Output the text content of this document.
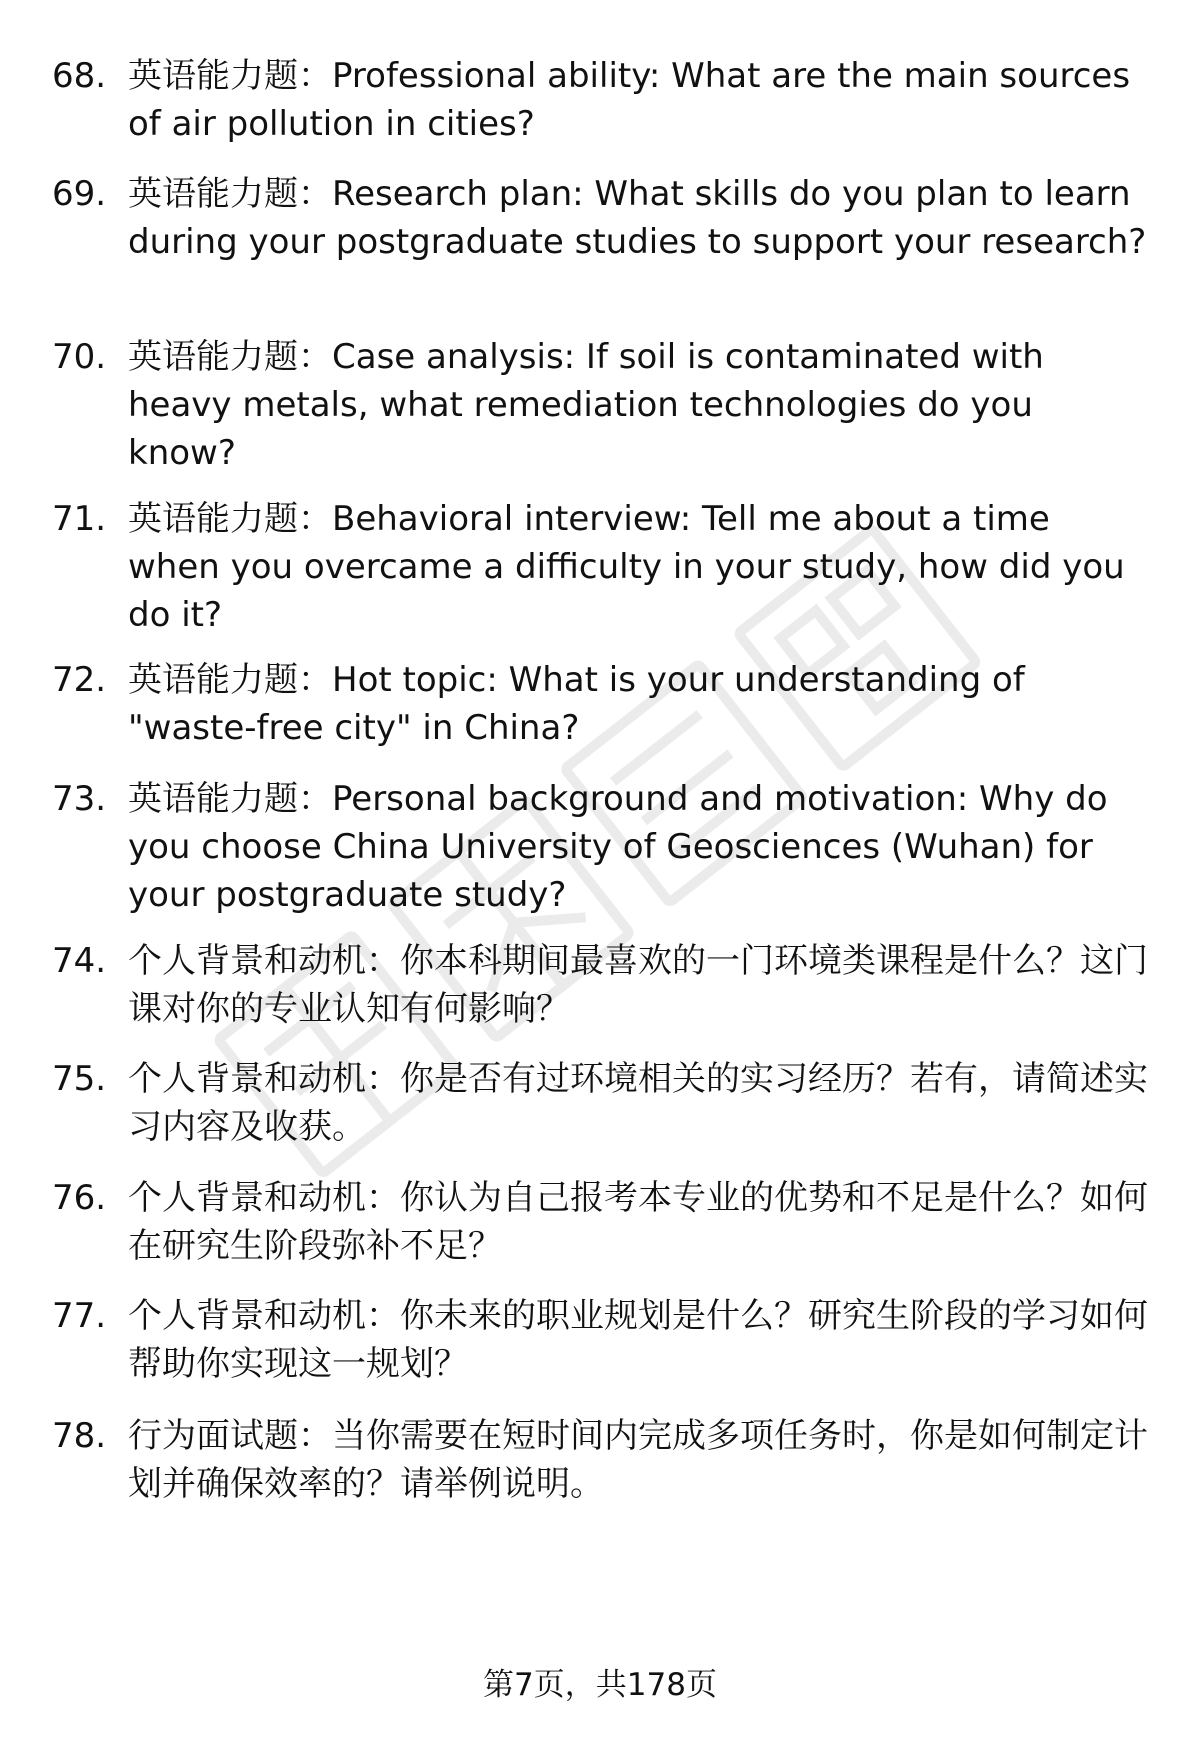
68. 英语能力题：Professional ability: What are the main sources of air pollution in cities?
69. 英语能力题：Research plan: What skills do you plan to learn during your postgraduate studies to support your research?
70. 英语能力题：Case analysis: If soil is contaminated with heavy metals, what remediation technologies do you know?
71. 英语能力题：Behavioral interview: Tell me about a time when you overcame a difficulty in your study, how did you do it?
72. 英语能力题：Hot topic: What is your understanding of "waste-free city" in China?
73. 英语能力题：Personal background and motivation: Why do you choose China University of Geosciences (Wuhan) for your postgraduate study?
74. 个人背景和动机：你本科期间最喜欢的一门环境类课程是什么？这门课对你的专业认知有何影响？
75. 个人背景和动机：你是否有过环境相关的实习经历？若有，请简述实习内容及收获。
76. 个人背景和动机：你认为自己报考本专业的优势和不足是什么？如何在研究生阶段弥补不足？
77. 个人背景和动机：你未来的职业规划是什么？研究生阶段的学习如何帮助你实现这一规划？
78. 行为面试题：当你需要在短时间内完成多项任务时，你是如何制定计划并确保效率的？请举例说明。
第7页，共178页
